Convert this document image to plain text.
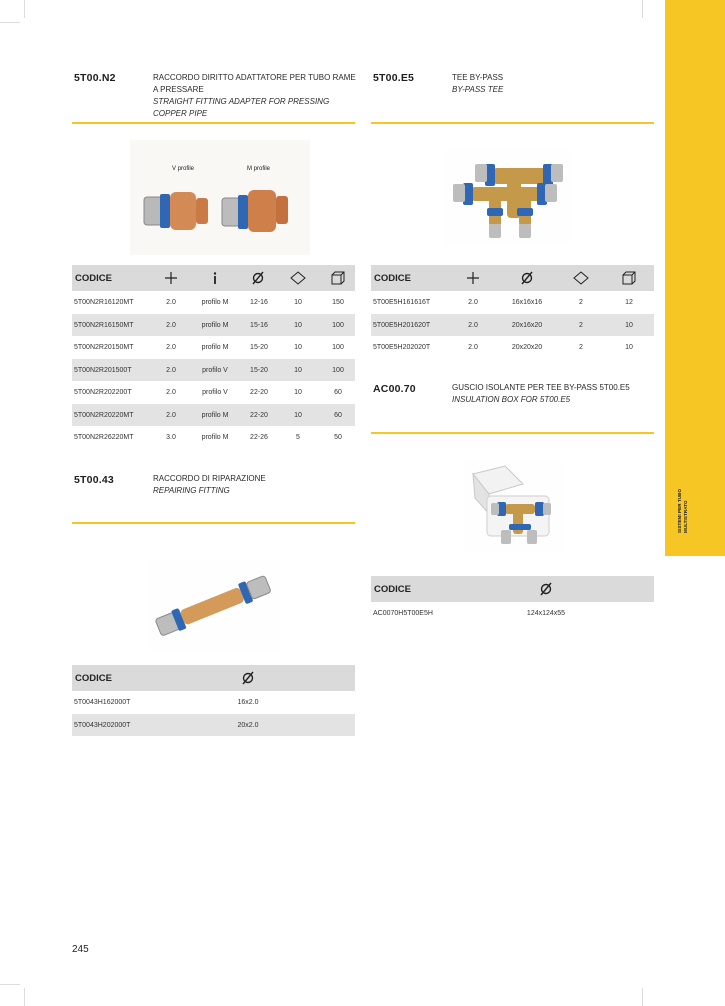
SISTEMI PER TUBO MULTISTRATO
5T00.N2	RACCORDO DIRITTO ADATTATORE PER TUBO RAME A PRESSARE
STRAIGHT FITTING ADAPTER FOR PRESSING COPPER PIPE
V profile	M profile
CODICE
5T00N2R16120MT	2.0	profilo M	12-16	10	150
5T00N2R16150MT	2.0	profilo M	15-16	10	100
5T00N2R20150MT	2.0	profilo M	15-20	10	100
5T00N2R201500T	2.0	profilo V	15-20	10	100
5T00N2R202200T	2.0	profilo V	22-20	10	60
5T00N2R20220MT	2.0	profilo M	22-20	10	60
5T00N2R26220MT	3.0	profilo M	22-26	5	50
5T00.E5	TEE BY-PASS
BY-PASS TEE
CODICE
5T00E5H161616T	2.0	16x16x16	2	12
5T00E5H201620T	2.0	20x16x20	2	10
5T00E5H202020T	2.0	20x20x20	2	10
AC00.70	GUSCIO ISOLANTE PER TEE BY-PASS 5T00.E5
INSULATION BOX FOR 5T00.E5
CODICE
AC0070H5T00E5H	124x124x55
5T00.43	RACCORDO DI RIPARAZIONE
REPAIRING FITTING
CODICE
5T0043H162000T	16x2.0
5T0043H202000T	20x2.0
245
